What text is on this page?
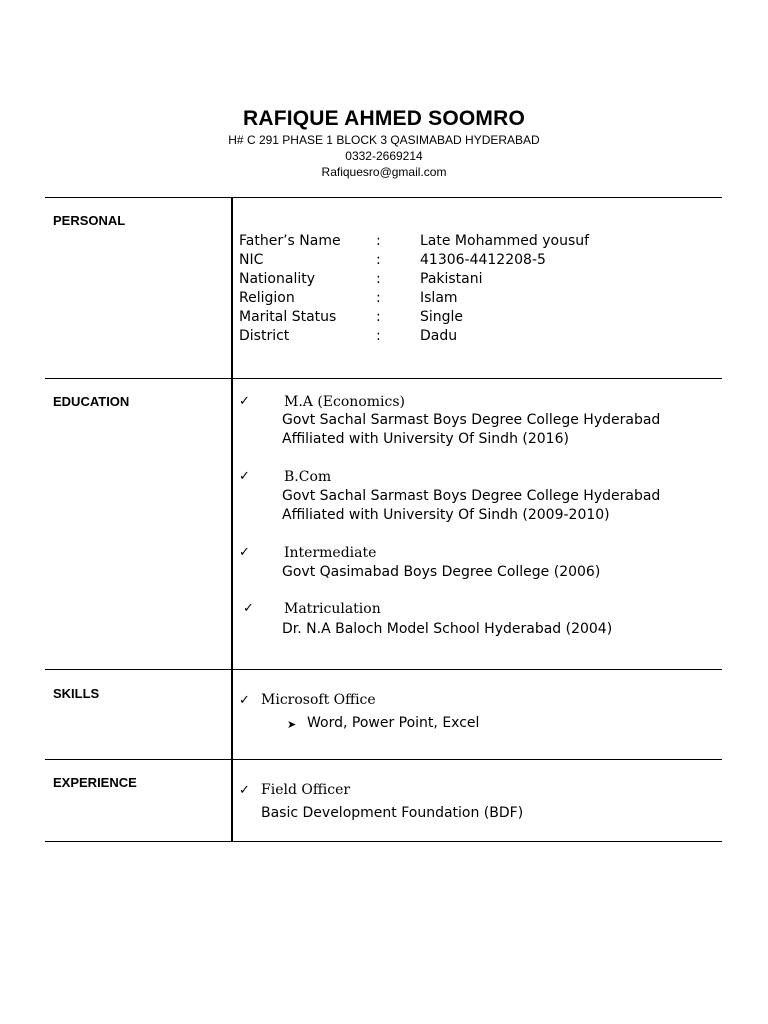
RAFIQUE AHMED SOOMRO
H# C 291 PHASE 1 BLOCK 3 QASIMABAD HYDERABAD
0332-2669214
Rafiquesro@gmail.com
PERSONAL
Father’s Name	:	Late Mohammed yousuf
NIC	:	41306-4412208-5
Nationality	:	Pakistani
Religion	:	Islam
Marital Status	:	Single
District	:	Dadu
EDUCATION	✓ M.A (Economics)
Govt Sachal Sarmast Boys Degree College Hyderabad
Affiliated with University Of Sindh (2016)
✓ B.Com
Govt Sachal Sarmast Boys Degree College Hyderabad
Affiliated with University Of Sindh (2009-2010)
✓ Intermediate
Govt Qasimabad Boys Degree College (2006)
✓ Matriculation
Dr. N.A Baloch Model School Hyderabad (2004)
SKILLS	✓ Microsoft Office
➤ Word, Power Point, Excel
EXPERIENCE
✓ Field Officer
Basic Development Foundation (BDF)
